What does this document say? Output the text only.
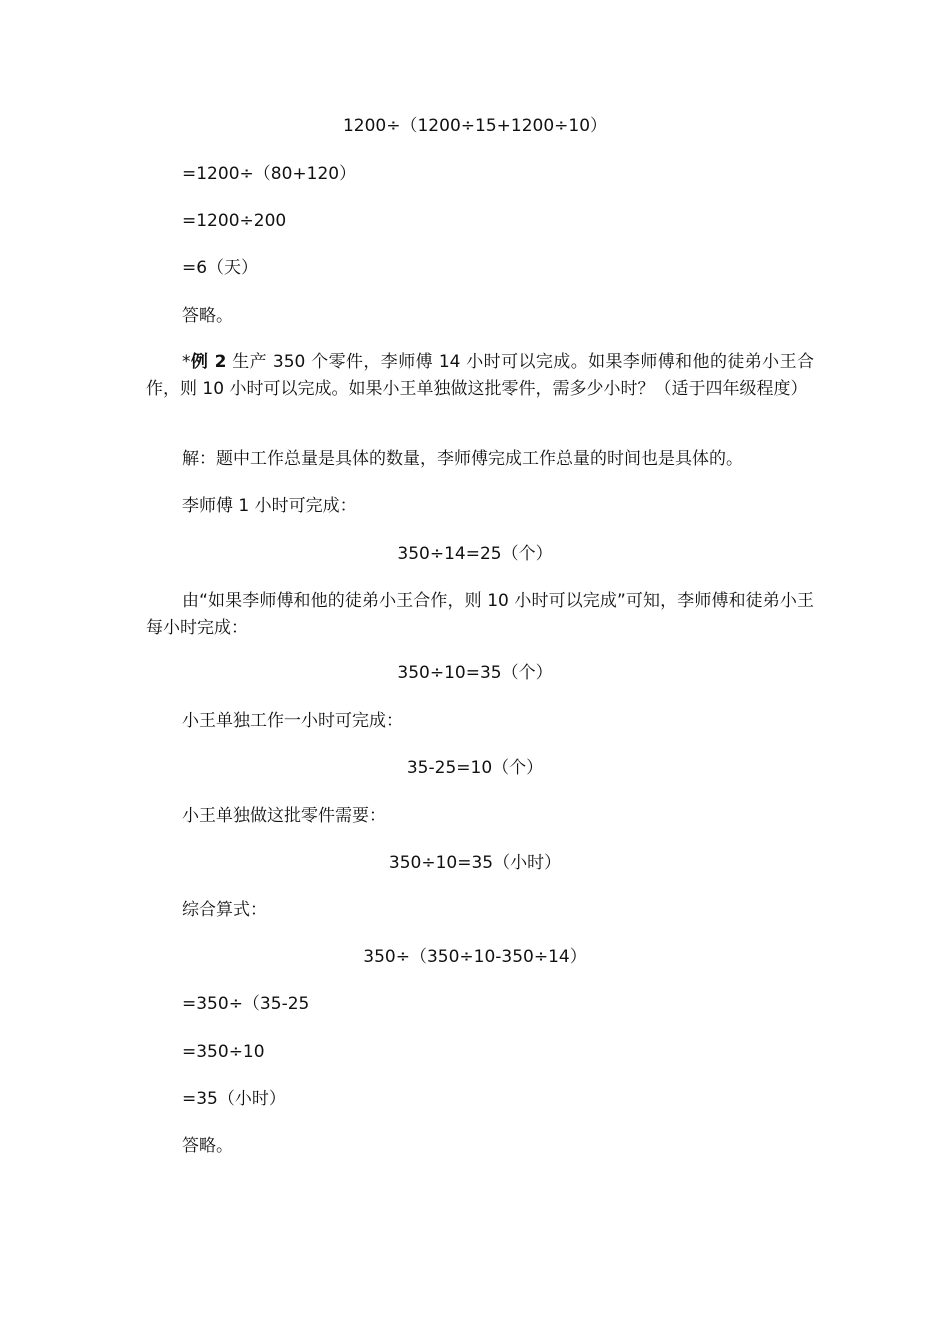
1200÷（1200÷15+1200÷10）
=1200÷（80+120）
=1200÷200
=6（天）
答略。
*例 2 生产 350 个零件，李师傅 14 小时可以完成。如果李师傅和他的徒弟小王合作，则 10 小时可以完成。如果小王单独做这批零件，需多少小时？（适于四年级程度）
解：题中工作总量是具体的数量，李师傅完成工作总量的时间也是具体的。
李师傅 1 小时可完成：
350÷14=25（个）
由“如果李师傅和他的徒弟小王合作，则 10 小时可以完成”可知，李师傅和徒弟小王每小时完成：
350÷10=35（个）
小王单独工作一小时可完成：
35-25=10（个）
小王单独做这批零件需要：
350÷10=35（小时）
综合算式：
350÷（350÷10-350÷14）
=350÷（35-25
=350÷10
=35（小时）
答略。
